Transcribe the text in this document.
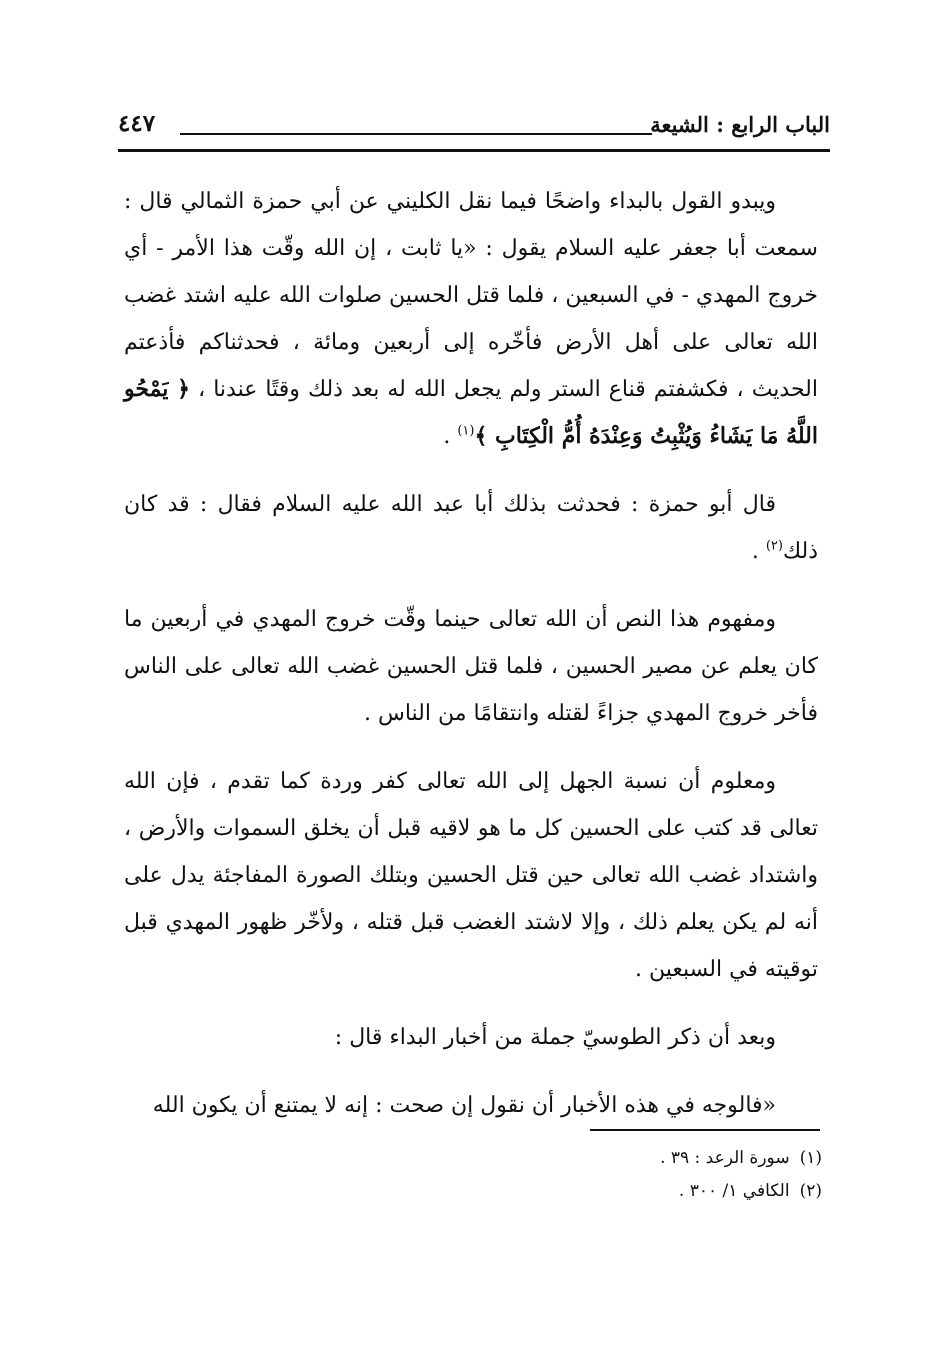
الباب الرابع : الشيعة
٤٤٧

ويبدو القول بالبداء واضحًا فيما نقل الكليني عن أبي حمزة الثمالي قال : سمعت أبا جعفر عليه السلام يقول : «يا ثابت ، إن الله وقّت هذا الأمر - أي خروج المهدي - في السبعين ، فلما قتل الحسين صلوات الله عليه اشتد غضب الله تعالى على أهل الأرض فأخّره إلى أربعين ومائة ، فحدثناكم فأذعتم الحديث ، فكشفتم قناع الستر ولم يجعل الله له بعد ذلك وقتًا عندنا ، ﴿ يَمْحُو اللَّهُ مَا يَشَاءُ وَيُثْبِتُ وَعِنْدَهُ أُمُّ الْكِتَابِ ﴾$^{(١)}$ .

قال أبو حمزة : فحدثت بذلك أبا عبد الله عليه السلام فقال : قد كان ذلك$^{(٢)}$ .

ومفهوم هذا النص أن الله تعالى حينما وقّت خروج المهدي في أربعين ما كان يعلم عن مصير الحسين ، فلما قتل الحسين غضب الله تعالى على الناس فأخر خروج المهدي جزاءً لقتله وانتقامًا من الناس .

ومعلوم أن نسبة الجهل إلى الله تعالى كفر وردة كما تقدم ، فإن الله تعالى قد كتب على الحسين كل ما هو لاقيه قبل أن يخلق السموات والأرض ، واشتداد غضب الله تعالى حين قتل الحسين وبتلك الصورة المفاجئة يدل على أنه لم يكن يعلم ذلك ، وإلا لاشتد الغضب قبل قتله ، ولأخّر ظهور المهدي قبل توقيته في السبعين .

وبعد أن ذكر الطوسيّ جملة من أخبار البداء قال :

«فالوجه في هذه الأخبار أن نقول إن صحت : إنه لا يمتنع أن يكون الله

(١)سورة الرعد : ٣٩ .
(٢)الكافي ١/ ٣٠٠ .
